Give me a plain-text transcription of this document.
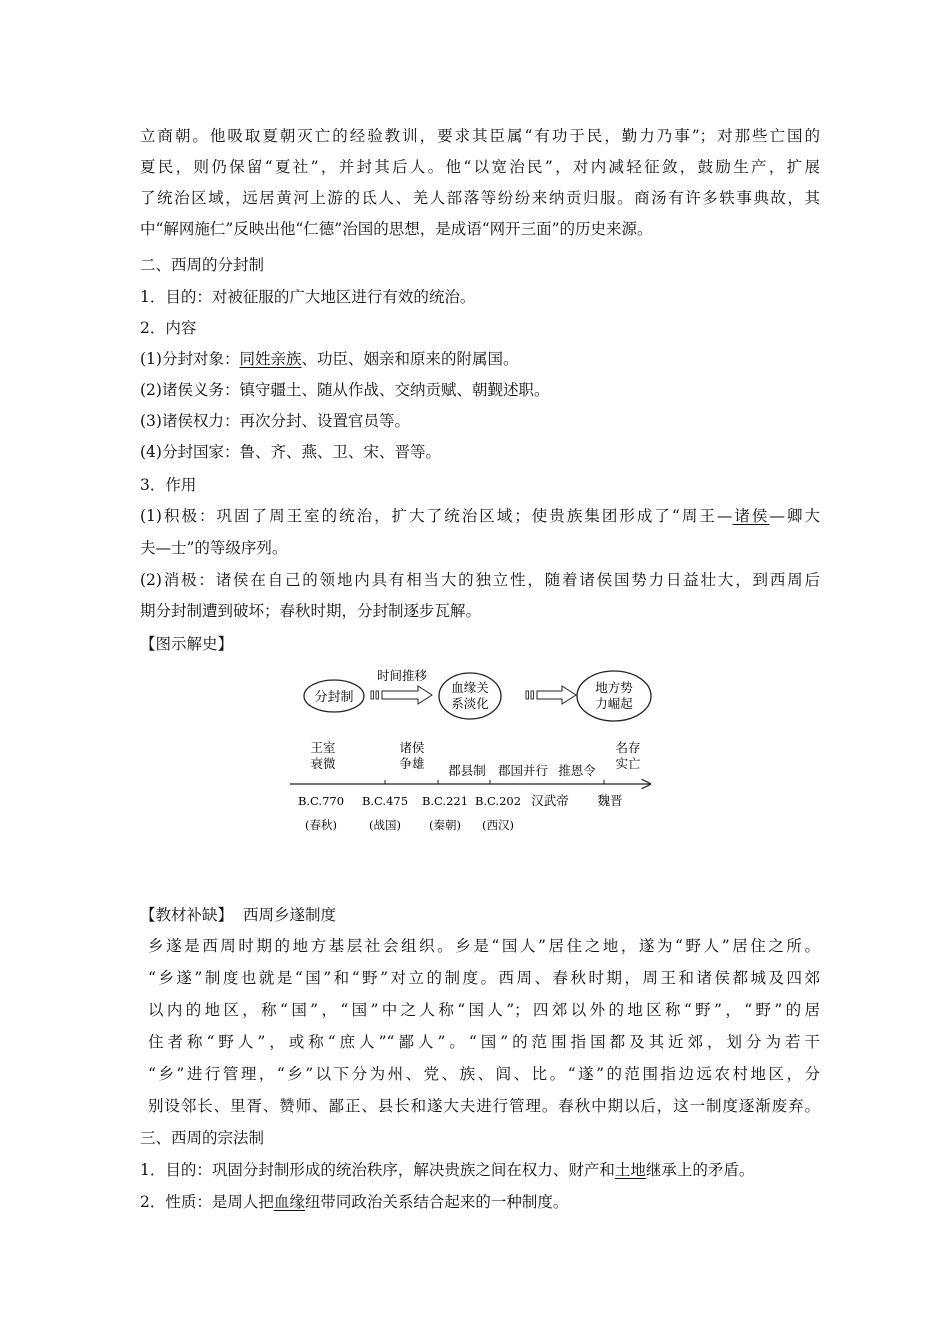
立商朝。他吸取夏朝灭亡的经验教训，要求其臣属“有功于民，勤力乃事”；对那些亡国的
夏民，则仍保留“夏社”，并封其后人。他“以宽治民”，对内减轻征敛，鼓励生产，扩展
了统治区域，远居黄河上游的氐人、羌人部落等纷纷来纳贡归服。商汤有许多轶事典故，其
中“解网施仁”反映出他“仁德”治国的思想，是成语“网开三面”的历史来源。
二、西周的分封制
1．目的：对被征服的广大地区进行有效的统治。
2．内容
(1)分封对象：同姓亲族、功臣、姻亲和原来的附属国。
(2)诸侯义务：镇守疆土、随从作战、交纳贡赋、朝觐述职。
(3)诸侯权力：再次分封、设置官员等。
(4)分封国家：鲁、齐、燕、卫、宋、晋等。
3．作用
(1)积极：巩固了周王室的统治，扩大了统治区域；使贵族集团形成了“周王—诸侯—卿大
夫—士”的等级序列。
(2)消极：诸侯在自己的领地内具有相当大的独立性，随着诸侯国势力日益壮大，到西周后
期分封制遭到破坏；春秋时期，分封制逐步瓦解。
【图示解史】
分封制
时间推移
血缘关
系淡化
地方势
力崛起
王室
衰微
诸侯
争雄 郡县制 郡国并行 推恩令
名存
实亡
B.C.770
(春秋)
B.C.475
(战国)
B.C.221
(秦朝)
B.C.202
(西汉)
汉武帝 魏晋
【教材补缺】 西周乡遂制度
乡遂是西周时期的地方基层社会组织。乡是“国人”居住之地，遂为“野人”居住之所。
“乡遂”制度也就是“国”和“野”对立的制度。西周、春秋时期，周王和诸侯都城及四郊
以内的地区，称“国”，“国”中之人称“国人”；四郊以外的地区称“野”，“野”的居
住者称“野人”，或称“庶人”“鄙人”。“国”的范围指国都及其近郊，划分为若干
“乡”进行管理，“乡”以下分为州、党、族、闾、比。“遂”的范围指边远农村地区，分
别设邻长、里胥、赞师、鄙正、县长和遂大夫进行管理。春秋中期以后，这一制度逐渐废弃。
三、西周的宗法制
1．目的：巩固分封制形成的统治秩序，解决贵族之间在权力、财产和土地继承上的矛盾。
2．性质：是周人把血缘纽带同政治关系结合起来的一种制度。
